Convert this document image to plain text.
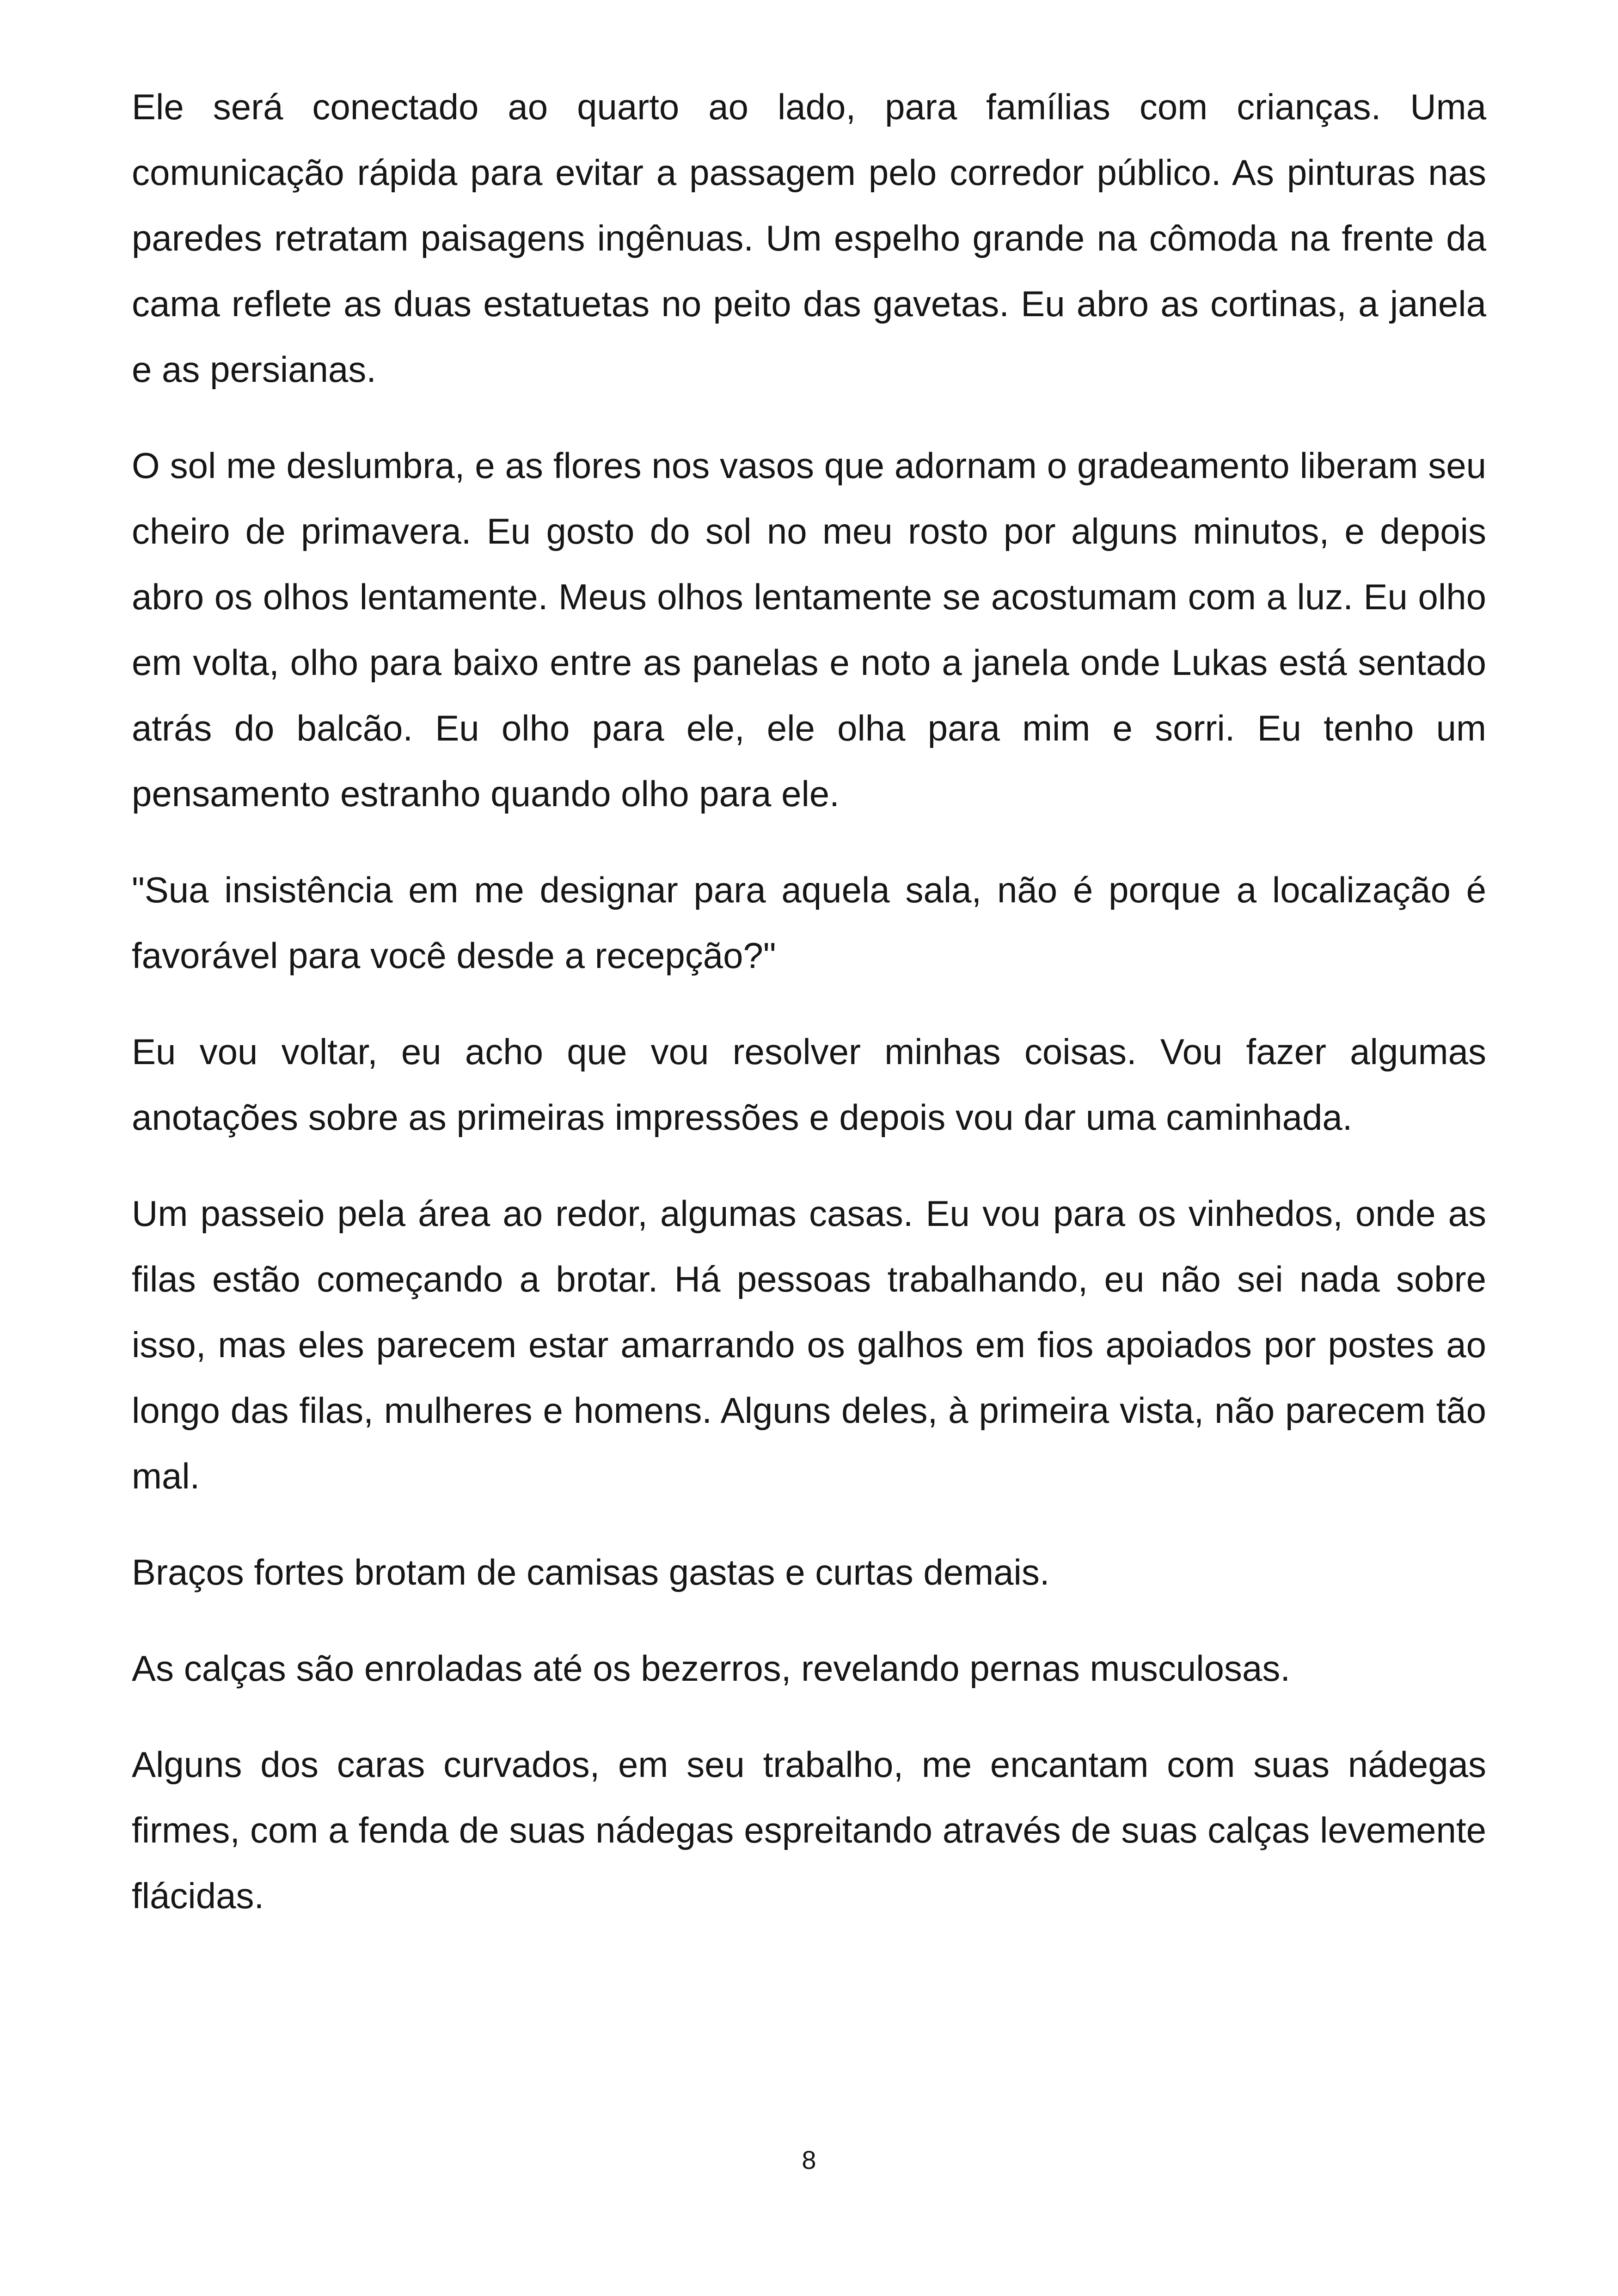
Ele será conectado ao quarto ao lado, para famílias com crianças. Uma comunicação rápida para evitar a passagem pelo corredor público. As pinturas nas paredes retratam paisagens ingênuas. Um espelho grande na cômoda na frente da cama reflete as duas estatuetas no peito das gavetas. Eu abro as cortinas, a janela e as persianas.

O sol me deslumbra, e as flores nos vasos que adornam o gradeamento liberam seu cheiro de primavera. Eu gosto do sol no meu rosto por alguns minutos, e depois abro os olhos lentamente. Meus olhos lentamente se acostumam com a luz. Eu olho em volta, olho para baixo entre as panelas e noto a janela onde Lukas está sentado atrás do balcão. Eu olho para ele, ele olha para mim e sorri. Eu tenho um pensamento estranho quando olho para ele.

"Sua insistência em me designar para aquela sala, não é porque a localização é favorável para você desde a recepção?"

Eu vou voltar, eu acho que vou resolver minhas coisas. Vou fazer algumas anotações sobre as primeiras impressões e depois vou dar uma caminhada.

Um passeio pela área ao redor, algumas casas. Eu vou para os vinhedos, onde as filas estão começando a brotar. Há pessoas trabalhando, eu não sei nada sobre isso, mas eles parecem estar amarrando os galhos em fios apoiados por postes ao longo das filas, mulheres e homens. Alguns deles, à primeira vista, não parecem tão mal.

Braços fortes brotam de camisas gastas e curtas demais.

As calças são enroladas até os bezerros, revelando pernas musculosas.

Alguns dos caras curvados, em seu trabalho, me encantam com suas nádegas firmes, com a fenda de suas nádegas espreitando através de suas calças levemente flácidas.

8
